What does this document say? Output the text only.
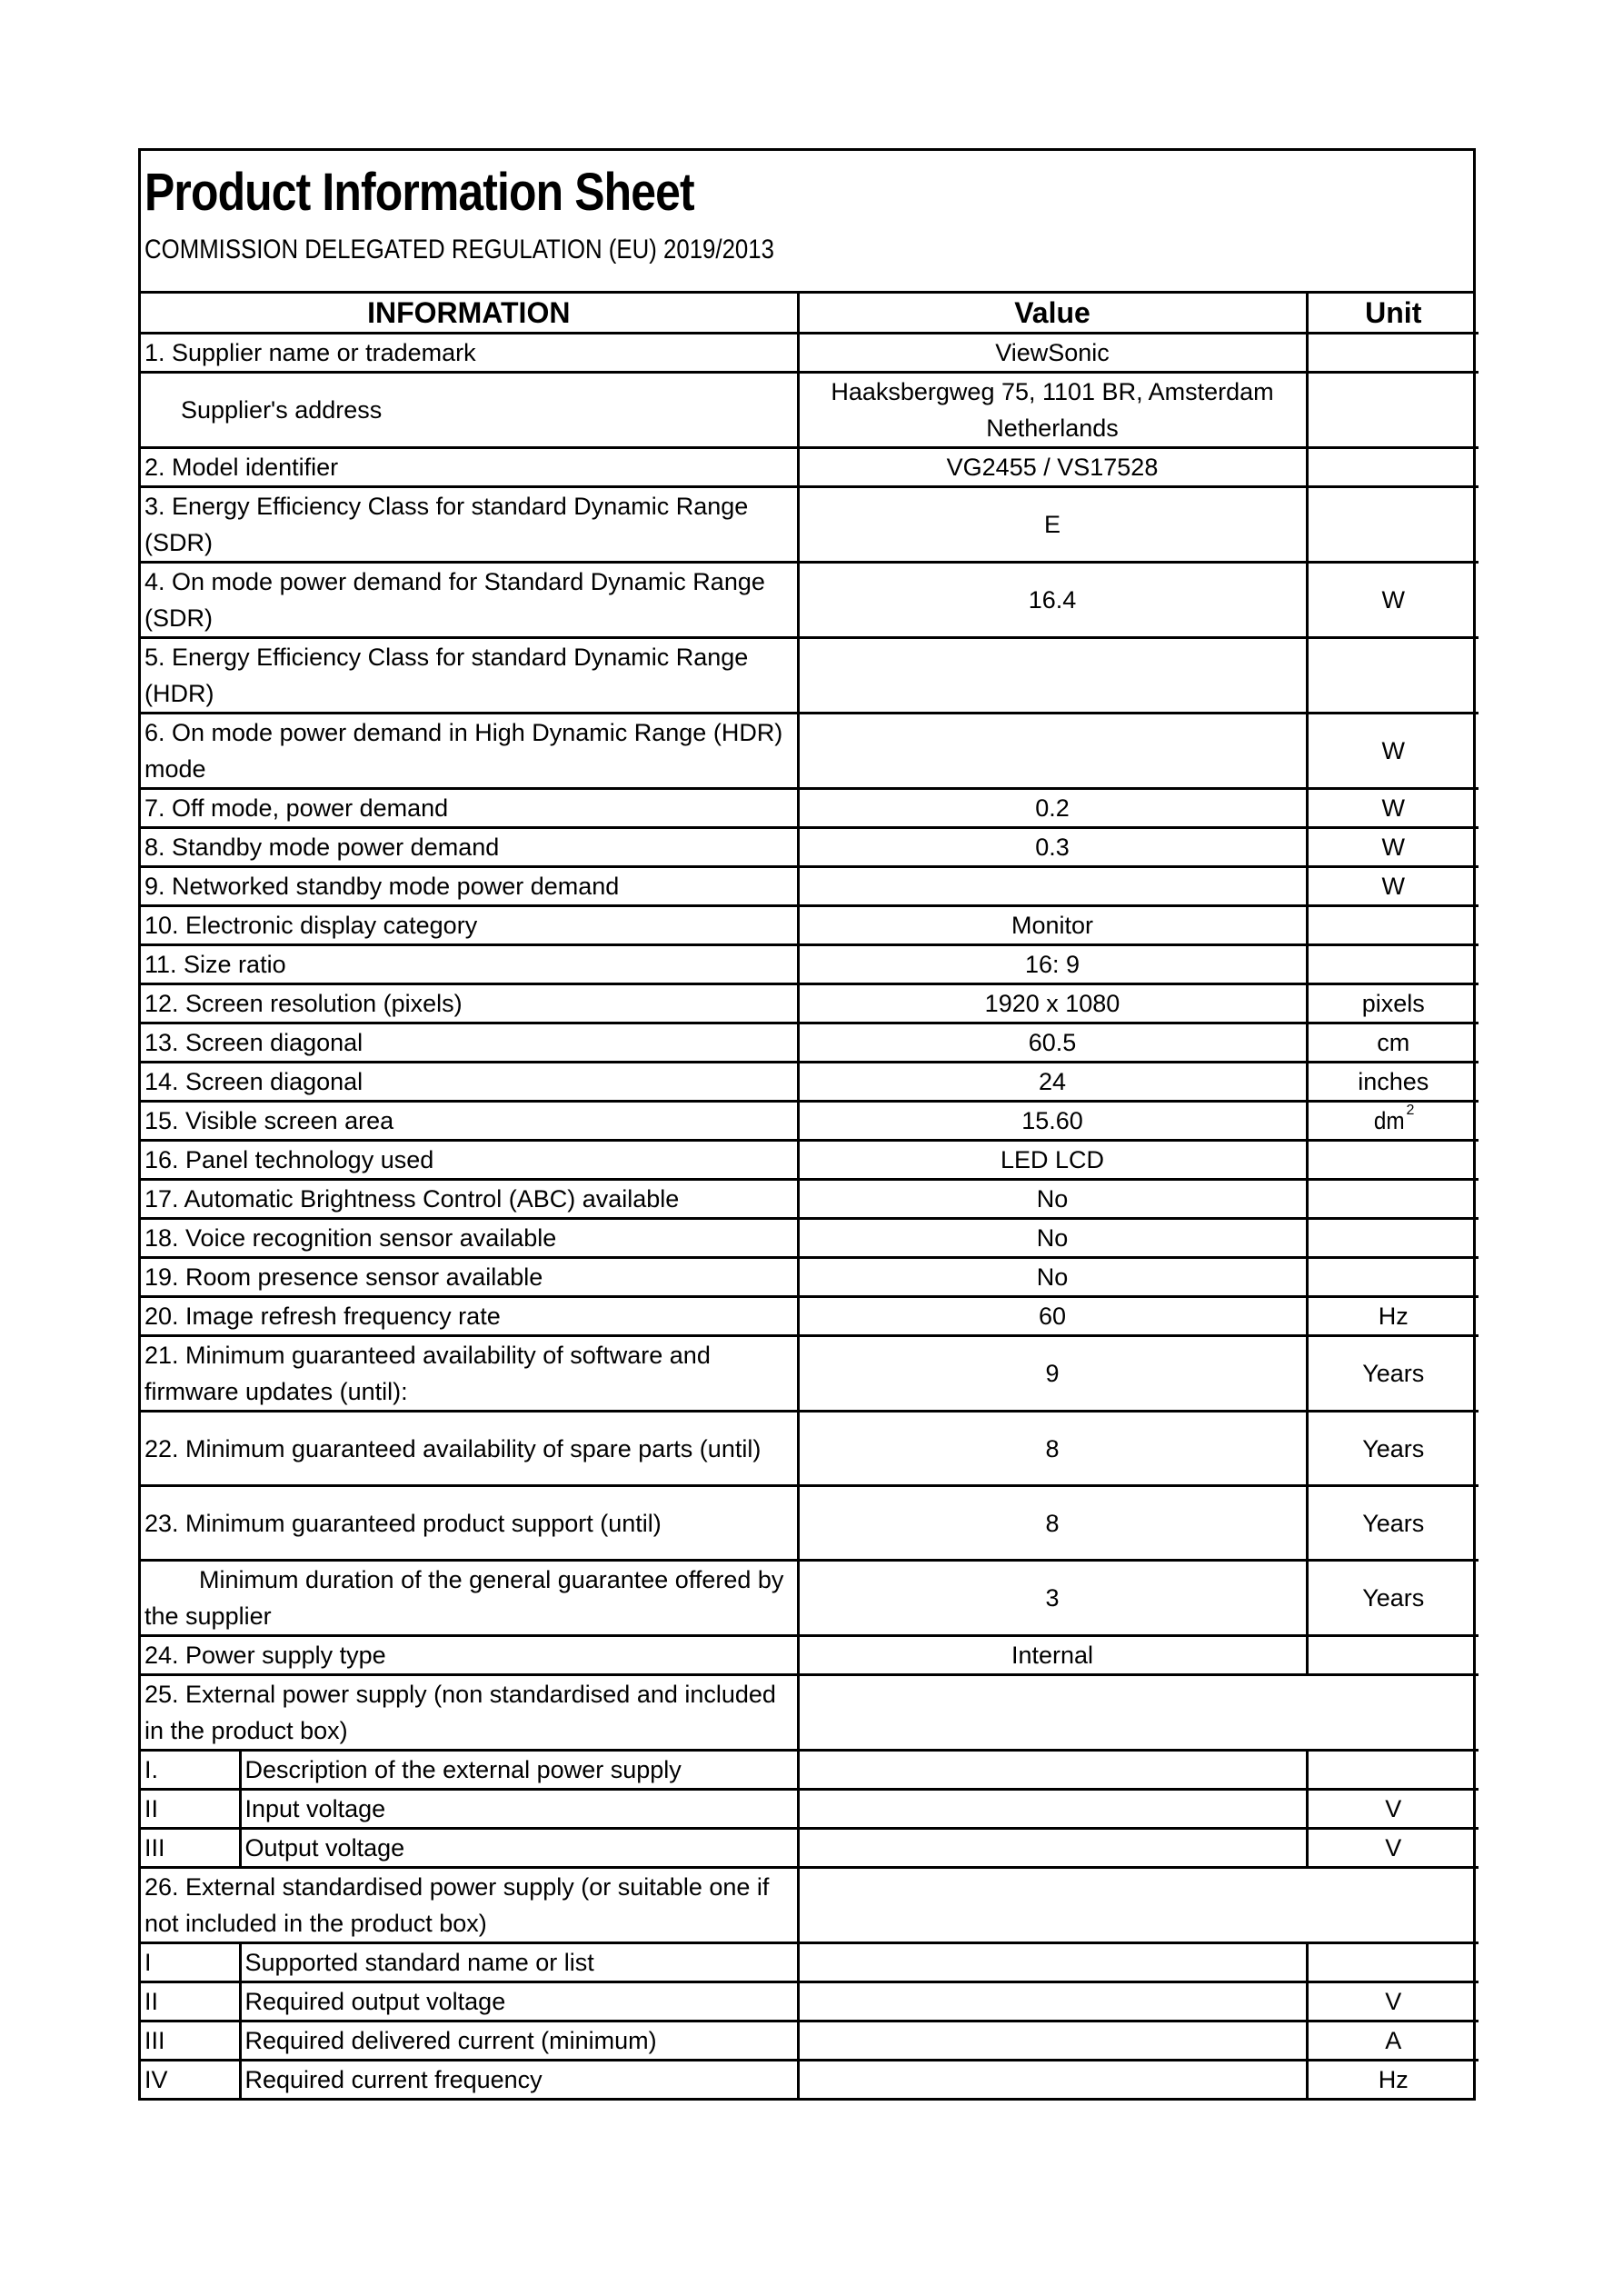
Product Information Sheet
COMMISSION DELEGATED REGULATION (EU) 2019/2013
INFORMATION		Value	Unit
1. Supplier name or trademark		ViewSonic	
Supplier's address		Haaksbergweg 75, 1101 BR, Amsterdam Netherlands	
2. Model identifier		VG2455 / VS17528	
3. Energy Efficiency Class for standard Dynamic Range (SDR)		E	
4. On mode power demand for Standard Dynamic Range (SDR)		16.4	W
5. Energy Efficiency Class for standard Dynamic Range (HDR)			
6. On mode power demand in High Dynamic Range (HDR) mode			W
7. Off mode, power demand		0.2	W
8. Standby mode power demand		0.3	W
9. Networked standby mode power demand			W
10. Electronic display category		Monitor	
11. Size ratio		16: 9	
12. Screen resolution (pixels)		1920 x 1080	pixels
13. Screen diagonal		60.5	cm
14. Screen diagonal		24	inches
15. Visible screen area		15.60	dm $^2$
16. Panel technology used		LED LCD	
17. Automatic Brightness Control (ABC) available		No	
18. Voice recognition sensor available		No	
19. Room presence sensor available		No	
20. Image refresh frequency rate		60	Hz
21. Minimum guaranteed availability of software and firmware updates (until):		9	Years
22. Minimum guaranteed availability of spare parts (until)		8	Years
23. Minimum guaranteed product support (until)		8	Years
Minimum duration of the general guarantee offered by the supplier		3	Years
24. Power supply type		Internal	
25. External power supply (non standardised and included in the product box)			
I.	Description of the external power supply		
II	Input voltage		V
III	Output voltage		V
26. External standardised power supply (or suitable one if not included in the product box)			
I	Supported standard name or list		
II	Required output voltage		V
III	Required delivered current (minimum)		A
IV	Required current frequency		Hz
